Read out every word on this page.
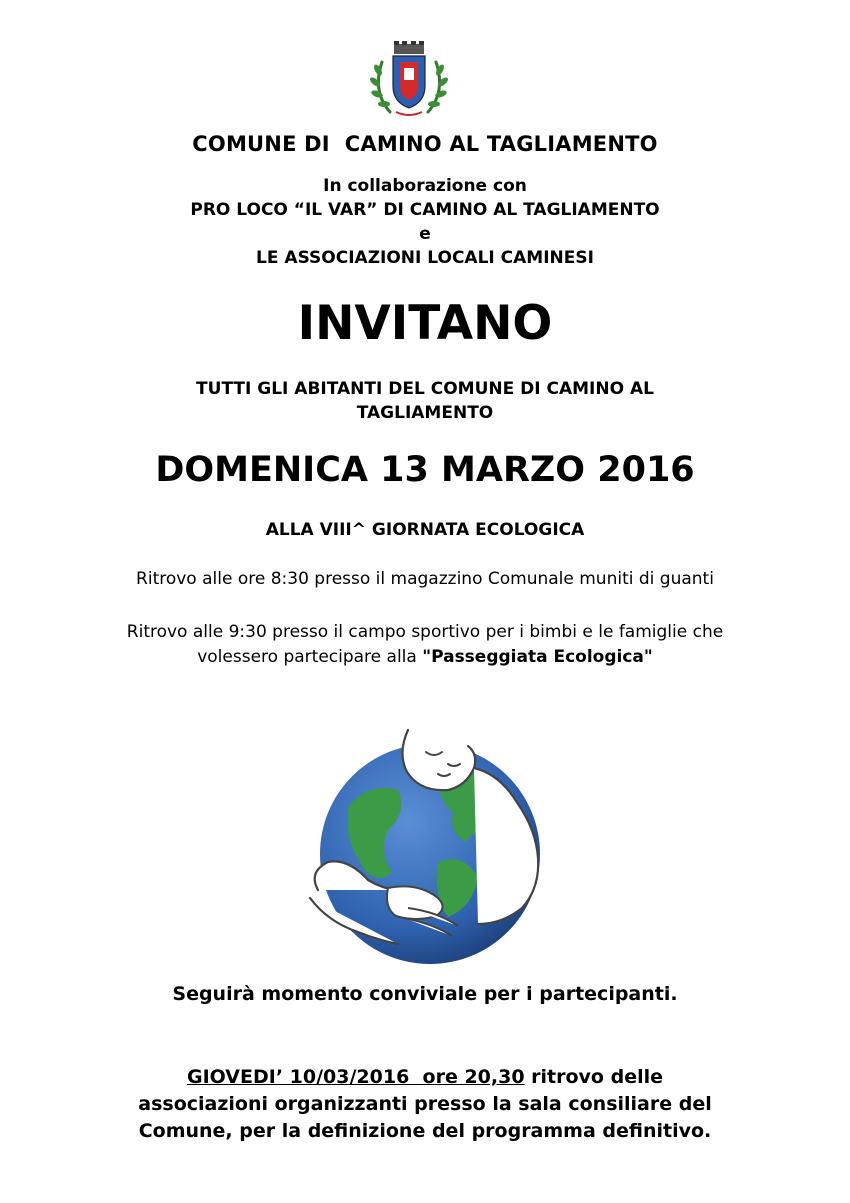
COMUNE DI  CAMINO AL TAGLIAMENTO
In collaborazione con
PRO LOCO “IL VAR” DI CAMINO AL TAGLIAMENTO
e
LE ASSOCIAZIONI LOCALI CAMINESI
INVITANO
TUTTI GLI ABITANTI DEL COMUNE DI CAMINO AL
TAGLIAMENTO
DOMENICA 13 MARZO 2016
ALLA VIII^ GIORNATA ECOLOGICA
Ritrovo alle ore 8:30 presso il magazzino Comunale muniti di guanti
Ritrovo alle 9:30 presso il campo sportivo per i bimbi e le famiglie che
volessero partecipare alla "Passeggiata Ecologica"
Seguirà momento conviviale per i partecipanti.
GIOVEDI’ 10/03/2016  ore 20,30 ritrovo delle
associazioni organizzanti presso la sala consiliare del
Comune, per la definizione del programma definitivo.
